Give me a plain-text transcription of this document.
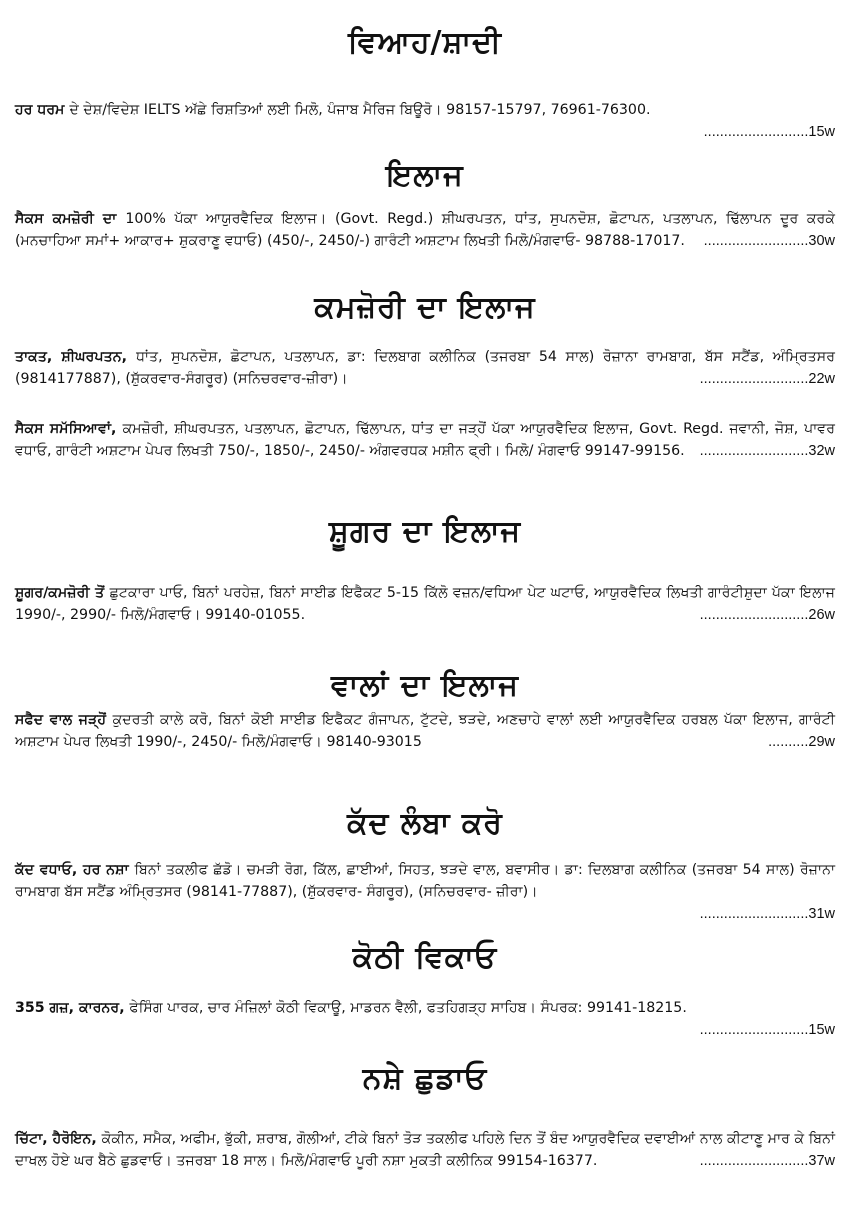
ਵਿਆਹ/ਸ਼ਾਦੀ

ਹਰ ਧਰਮ ਦੇ ਦੇਸ਼/ਵਿਦੇਸ਼ IELTS ਅੱਛੇ ਰਿਸ਼ਤਿਆਂ ਲਈ ਮਿਲੋ, ਪੰਜਾਬ ਮੈਰਿਜ ਬਿਊਰੋ। 98157-15797, 76961-76300.

..........................15w
ਇਲਾਜ

ਸੈਕਸ ਕਮਜ਼ੋਰੀ ਦਾ 100% ਪੱਕਾ ਆਯੁਰਵੈਦਿਕ ਇਲਾਜ। (Govt. Regd.) ਸ਼ੀਘਰਪਤਨ, ਧਾਂਤ, ਸੁਪਨਦੋਸ਼, ਛੋਟਾਪਨ, ਪਤਲਾਪਨ, ਢਿੱਲਾਪਨ ਦੂਰ ਕਰਕੇ (ਮਨਚਾਹਿਆ ਸਮਾਂ+ ਆਕਾਰ+ ਸ਼ੁਕਰਾਣੂ ਵਧਾਓ) (450/-, 2450/-) ਗਾਰੰਟੀ ਅਸ਼ਟਾਮ ਲਿਖਤੀ ਮਿਲੋ/ਮੰਗਵਾਓ- 98788-17017.	..........................30w
ਕਮਜ਼ੋਰੀ ਦਾ ਇਲਾਜ

ਤਾਕਤ, ਸ਼ੀਘਰਪਤਨ, ਧਾਂਤ, ਸੁਪਨਦੋਸ਼, ਛੋਟਾਪਨ, ਪਤਲਾਪਨ, ਡਾ: ਦਿਲਬਾਗ ਕਲੀਨਿਕ (ਤਜਰਬਾ 54 ਸਾਲ) ਰੋਜ਼ਾਨਾ ਰਾਮਬਾਗ, ਬੱਸ ਸਟੈਂਡ, ਅੰਮ੍ਰਿਤਸਰ (9814177887), (ਸ਼ੁੱਕਰਵਾਰ-ਸੰਗਰੂਰ) (ਸਨਿਚਰਵਾਰ-ਜ਼ੀਰਾ)।	...........................22w

ਸੈਕਸ ਸਮੱਸਿਆਵਾਂ, ਕਮਜ਼ੋਰੀ, ਸ਼ੀਘਰਪਤਨ, ਪਤਲਾਪਨ, ਛੋਟਾਪਨ, ਢਿੱਲਾਪਨ, ਧਾਂਤ ਦਾ ਜੜ੍ਹੋਂ ਪੱਕਾ ਆਯੁਰਵੈਦਿਕ ਇਲਾਜ, Govt. Regd. ਜਵਾਨੀ, ਜੋਸ਼, ਪਾਵਰ ਵਧਾਓ, ਗਾਰੰਟੀ ਅਸ਼ਟਾਮ ਪੇਪਰ ਲਿਖਤੀ 750/-, 1850/-, 2450/- ਅੰਗਵਰਧਕ ਮਸ਼ੀਨ ਫ੍ਰੀ। ਮਿਲੋ/ ਮੰਗਵਾਓ 99147-99156.	...........................32w
ਸ਼ੂਗਰ ਦਾ ਇਲਾਜ

ਸ਼ੂਗਰ/ਕਮਜ਼ੋਰੀ ਤੋਂ ਛੁਟਕਾਰਾ ਪਾਓ, ਬਿਨਾਂ ਪਰਹੇਜ਼, ਬਿਨਾਂ ਸਾਈਡ ਇਫੈਕਟ 5-15 ਕਿੱਲੋ ਵਜ਼ਨ/ਵਧਿਆ ਪੇਟ ਘਟਾਓ, ਆਯੁਰਵੈਦਿਕ ਲਿਖਤੀ ਗਾਰੰਟੀਸ਼ੁਦਾ ਪੱਕਾ ਇਲਾਜ 1990/-, 2990/- ਮਿਲੋ/ਮੰਗਵਾਓ। 99140-01055.	...........................26w
ਵਾਲਾਂ ਦਾ ਇਲਾਜ

ਸਫੈਦ ਵਾਲ ਜੜ੍ਹੋਂ ਕੁਦਰਤੀ ਕਾਲੇ ਕਰੋ, ਬਿਨਾਂ ਕੋਈ ਸਾਈਡ ਇਫੈਕਟ ਗੰਜਾਪਨ, ਟੁੱਟਦੇ, ਝੜਦੇ, ਅਣਚਾਹੇ ਵਾਲਾਂ ਲਈ ਆਯੁਰਵੈਦਿਕ ਹਰਬਲ ਪੱਕਾ ਇਲਾਜ, ਗਾਰੰਟੀ ਅਸ਼ਟਾਮ ਪੇਪਰ ਲਿਖਤੀ 1990/-, 2450/- ਮਿਲੋ/ਮੰਗਵਾਓ। 98140-93015	..........29w
ਕੱਦ ਲੰਬਾ ਕਰੋ

ਕੱਦ ਵਧਾਓ, ਹਰ ਨਸ਼ਾ ਬਿਨਾਂ ਤਕਲੀਫ ਛੱਡੋ। ਚਮੜੀ ਰੋਗ, ਕਿੱਲ, ਛਾਈਆਂ, ਸਿਹਤ, ਝੜਦੇ ਵਾਲ, ਬਵਾਸੀਰ। ਡਾ: ਦਿਲਬਾਗ ਕਲੀਨਿਕ (ਤਜਰਬਾ 54 ਸਾਲ) ਰੋਜ਼ਾਨਾ ਰਾਮਬਾਗ ਬੱਸ ਸਟੈਂਡ ਅੰਮ੍ਰਿਤਸਰ (98141-77887), (ਸ਼ੁੱਕਰਵਾਰ- ਸੰਗਰੂਰ), (ਸਨਿਚਰਵਾਰ- ਜ਼ੀਰਾ)।

...........................31w
ਕੋਠੀ ਵਿਕਾਓ

355 ਗਜ਼, ਕਾਰਨਰ, ਫੇਸਿੰਗ ਪਾਰਕ, ਚਾਰ ਮੰਜ਼ਿਲਾਂ ਕੋਠੀ ਵਿਕਾਊ, ਮਾਡਰਨ ਵੈਲੀ, ਫਤਹਿਗੜ੍ਹ ਸਾਹਿਬ। ਸੰਪਰਕ: 99141-18215.

...........................15w
ਨਸ਼ੇ ਛੁਡਾਓ

ਚਿੱਟਾ, ਹੈਰੋਇਨ, ਕੋਕੀਨ, ਸਮੈਕ, ਅਫੀਮ, ਭੁੱਕੀ, ਸ਼ਰਾਬ, ਗੋਲੀਆਂ, ਟੀਕੇ ਬਿਨਾਂ ਤੋੜ ਤਕਲੀਫ ਪਹਿਲੇ ਦਿਨ ਤੋਂ ਬੰਦ ਆਯੁਰਵੈਦਿਕ ਦਵਾਈਆਂ ਨਾਲ ਕੀਟਾਣੂ ਮਾਰ ਕੇ ਬਿਨਾਂ ਦਾਖਲ ਹੋਏ ਘਰ ਬੈਠੇ ਛੁਡਵਾਓ। ਤਜਰਬਾ 18 ਸਾਲ। ਮਿਲੋ/ਮੰਗਵਾਓ ਪੂਰੀ ਨਸ਼ਾ ਮੁਕਤੀ ਕਲੀਨਿਕ 99154-16377.	...........................37w
